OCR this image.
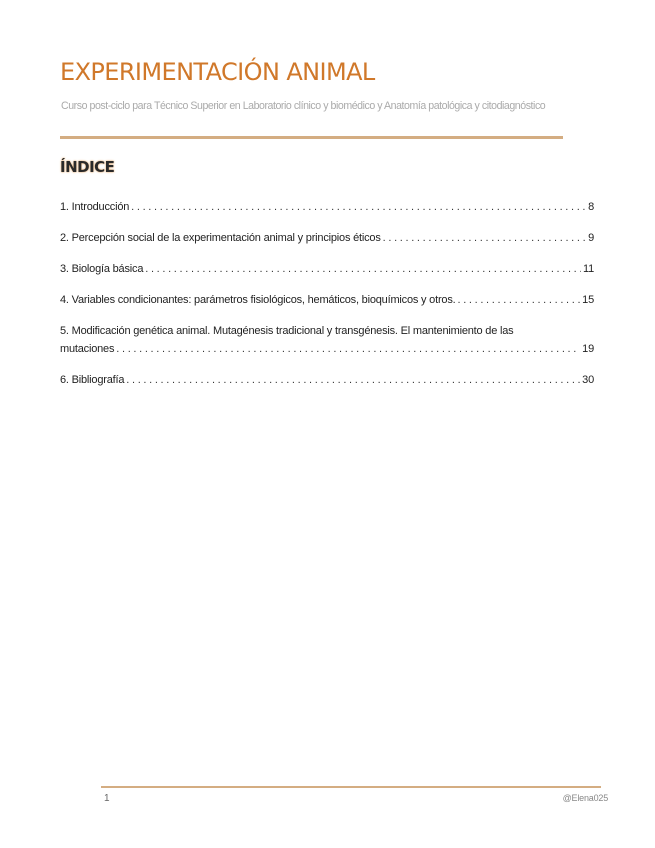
EXPERIMENTACIÓN ANIMAL

Curso post-ciclo para Técnico Superior en Laboratorio clínico y biomédico y Anatomía patológica y citodiagnóstico

ÍNDICE
1. Introducción . . .	8
2. Percepción social de la experimentación animal y principios éticos . . .	9
3. Biología básica . . .	11
4. Variables condicionantes: parámetros fisiológicos, hemáticos, bioquímicos y otros. . . .	15
5. Modificación genética animal. Mutagénesis tradicional y transgénesis. El mantenimiento de las
mutaciones . . .	19
6. Bibliografía . . .	30
1	@Elena025
